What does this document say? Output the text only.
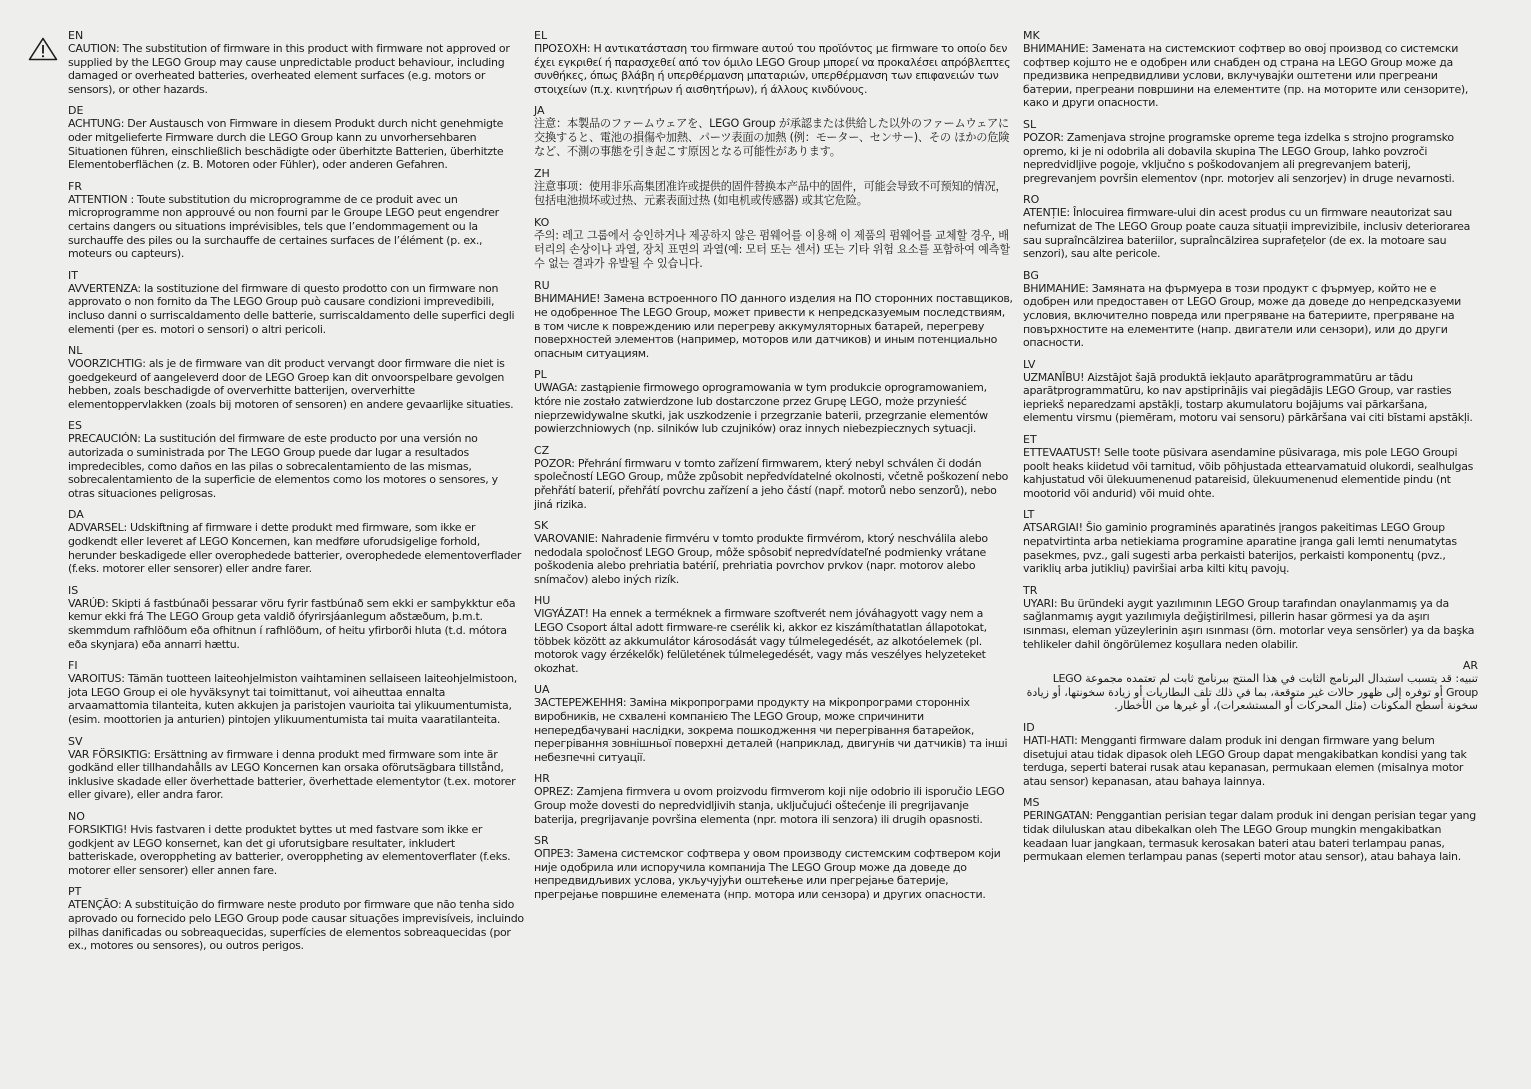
EN
CAUTION: The substitution of firmware in this product with firmware not approved or supplied by the LEGO Group may cause unpredictable product behaviour, including damaged or overheated batteries, overheated element surfaces (e.g. motors or sensors), or other hazards.
DE
ACHTUNG: Der Austausch von Firmware in diesem Produkt durch nicht genehmigte oder mitgelieferte Firmware durch die LEGO Group kann zu unvorhersehbaren Situationen führen, einschließlich beschädigte oder überhitzte Batterien, überhitzte Elementoberflächen (z. B. Motoren oder Fühler), oder anderen Gefahren.
FR
ATTENTION : Toute substitution du microprogramme de ce produit avec un microprogramme non approuvé ou non fourni par le Groupe LEGO peut engendrer certains dangers ou situations imprévisibles, tels que l’endommagement ou la surchauffe des piles ou la surchauffe de certaines surfaces de l’élément (p. ex., moteurs ou capteurs).
IT
AVVERTENZA: la sostituzione del firmware di questo prodotto con un firmware non approvato o non fornito da The LEGO Group può causare condizioni imprevedibili, incluso danni o surriscaldamento delle batterie, surriscaldamento delle superfici degli elementi (per es. motori o sensori) o altri pericoli.
NL
VOORZICHTIG: als je de firmware van dit product vervangt door firmware die niet is goedgekeurd of aangeleverd door de LEGO Groep kan dit onvoorspelbare gevolgen hebben, zoals beschadigde of oververhitte batterijen, oververhitte elementoppervlakken (zoals bij motoren of sensoren) en andere gevaarlijke situaties.
ES
PRECAUCIÓN: La sustitución del firmware de este producto por una versión no autorizada o suministrada por The LEGO Group puede dar lugar a resultados impredecibles, como daños en las pilas o sobrecalentamiento de las mismas, sobrecalentamiento de la superficie de elementos como los motores o sensores, y otras situaciones peligrosas.
DA
ADVARSEL: Udskiftning af firmware i dette produkt med firmware, som ikke er godkendt eller leveret af LEGO Koncernen, kan medføre uforudsigelige forhold, herunder beskadigede eller overophedede batterier, overophedede elementoverflader (f.eks. motorer eller sensorer) eller andre farer.
IS
VARÚÐ: Skipti á fastbúnaði þessarar vöru fyrir fastbúnað sem ekki er samþykktur eða kemur ekki frá The LEGO Group geta valdið ófyrirsjáanlegum aðstæðum, þ.m.t. skemmdum rafhlöðum eða ofhitnun í rafhlöðum, of heitu yfirborði hluta (t.d. mótora eða skynjara) eða annarri hættu.
FI
VAROITUS: Tämän tuotteen laiteohjelmiston vaihtaminen sellaiseen laiteohjelmistoon, jota LEGO Group ei ole hyväksynyt tai toimittanut, voi aiheuttaa ennalta arvaamattomia tilanteita, kuten akkujen ja paristojen vaurioita tai ylikuumentumista, (esim. moottorien ja anturien) pintojen ylikuumentumista tai muita vaaratilanteita.
SV
VAR FÖRSIKTIG: Ersättning av firmware i denna produkt med firmware som inte är godkänd eller tillhandahålls av LEGO Koncernen kan orsaka oförutsägbara tillstånd, inklusive skadade eller överhettade batterier, överhettade elementytor (t.ex. motorer eller givare), eller andra faror.
NO
FORSIKTIG! Hvis fastvaren i dette produktet byttes ut med fastvare som ikke er godkjent av LEGO konsernet, kan det gi uforutsigbare resultater, inkludert batteriskade, overoppheting av batterier, overoppheting av elementoverflater (f.eks. motorer eller sensorer) eller annen fare.
PT
ATENÇÃO: A substituição do firmware neste produto por firmware que não tenha sido aprovado ou fornecido pelo LEGO Group pode causar situações imprevisíveis, incluindo pilhas danificadas ou sobreaquecidas, superfícies de elementos sobreaquecidas (por ex., motores ou sensores), ou outros perigos.
EL
ΠΡΟΣΟΧΗ: Η αντικατάσταση του firmware αυτού του προϊόντος με firmware το οποίο δεν έχει εγκριθεί ή παρασχεθεί από τον όμιλο LEGO Group μπορεί να προκαλέσει απρόβλεπτες συνθήκες, όπως βλάβη ή υπερθέρμανση μπαταριών, υπερθέρμανση των επιφανειών των στοιχείων (π.χ. κινητήρων ή αισθητήρων), ή άλλους κινδύνους.
JA
注意：本製品のファームウェアを、LEGO Group が承認または供給した以外のファームウェアに交換すると、電池の損傷や加熱、パーツ表面の加熱 (例：モーター、センサー)、その ほかの危険など、不測の事態を引き起こす原因となる可能性があります。
ZH
注意事项：使用非乐高集团准许或提供的固件替换本产品中的固件，可能会导致不可预知的情况，包括电池损坏或过热、元素表面过热 (如电机或传感器) 或其它危险。
KO
주의: 레고 그룹에서 승인하거나 제공하지 않은 펌웨어를 이용해 이 제품의 펌웨어를 교체할 경우, 배터리의 손상이나 과열, 장치 표면의 과열(예: 모터 또는 센서) 또는 기타 위험 요소를 포함하여 예측할 수 없는 결과가 유발될 수 있습니다.
RU
ВНИМАНИЕ! Замена встроенного ПО данного изделия на ПО сторонних поставщиков, не одобренное The LEGO Group, может привести к непредсказуемым последствиям, в том числе к повреждению или перегреву аккумуляторных батарей, перегреву поверхностей элементов (например, моторов или датчиков) и иным потенциально опасным ситуациям.
PL
UWAGA: zastąpienie firmowego oprogramowania w tym produkcie oprogramowaniem, które nie zostało zatwierdzone lub dostarczone przez Grupę LEGO, może przynieść nieprzewidywalne skutki, jak uszkodzenie i przegrzanie baterii, przegrzanie elementów powierzchniowych (np. silników lub czujników) oraz innych niebezpiecznych sytuacji.
CZ
POZOR: Přehrání firmwaru v tomto zařízení firmwarem, který nebyl schválen či dodán společností LEGO Group, může způsobit nepředvídatelné okolnosti, včetně poškození nebo přehřátí baterií, přehřátí povrchu zařízení a jeho částí (např. motorů nebo senzorů), nebo jiná rizika.
SK
VAROVANIE: Nahradenie firmvéru v tomto produkte firmvérom, ktorý neschválila alebo nedodala spoločnosť LEGO Group, môže spôsobiť nepredvídateľné podmienky vrátane poškodenia alebo prehriatia batérií, prehriatia povrchov prvkov (napr. motorov alebo snímačov) alebo iných rizík.
HU
VIGYÁZAT! Ha ennek a terméknek a firmware szoftverét nem jóváhagyott vagy nem a LEGO Csoport által adott firmware-re cserélik ki, akkor ez kiszámíthatatlan állapotokat, többek között az akkumulátor károsodását vagy túlmelegedését, az alkotóelemek (pl. motorok vagy érzékelők) felületének túlmelegedését, vagy más veszélyes helyzeteket okozhat.
UA
ЗАСТЕРЕЖЕННЯ: Заміна мікропрограми продукту на мікропрограми сторонніх виробників, не схвалені компанією The LEGO Group, може спричинити непередбачувані наслідки, зокрема пошкодження чи перегрівання батарейок, перегрівання зовнішньої поверхні деталей (наприклад, двигунів чи датчиків) та інші небезпечні ситуації.
HR
OPREZ: Zamjena firmvera u ovom proizvodu firmverom koji nije odobrio ili isporučio LEGO Group može dovesti do nepredvidljivih stanja, uključujući oštećenje ili pregrijavanje baterija, pregrijavanje površina elementa (npr. motora ili senzora) ili drugih opasnosti.
SR
ОПРЕЗ: Замена системског софтвера у овом производу системским софтвером који није одобрила или испоручила компанија The LEGO Group може да доведе до непредвидљивих услова, укључујући оштећење или прегрејање батерије, прегрејање површине елемената (нпр. мотора или сензора) и других опасности.
MK
ВНИМАНИЕ: Замената на системскиот софтвер во овој производ со системски софтвер којшто не е одобрен или снабден од страна на LEGO Group може да предизвика непредвидливи услови, вклучувајќи оштетени или прегреани батерии, прегреани површини на елементите (пр. на моторите или сензорите), како и други опасности.
SL
POZOR: Zamenjava strojne programske opreme tega izdelka s strojno programsko opremo, ki je ni odobrila ali dobavila skupina The LEGO Group, lahko povzroči nepredvidljive pogoje, vključno s poškodovanjem ali pregrevanjem baterij, pregrevanjem površin elementov (npr. motorjev ali senzorjev) in druge nevarnosti.
RO
ATENȚIE: Înlocuirea firmware-ului din acest produs cu un firmware neautorizat sau nefurnizat de The LEGO Group poate cauza situații imprevizibile, inclusiv deteriorarea sau supraîncălzirea bateriilor, supraîncălzirea suprafețelor (de ex. la motoare sau senzori), sau alte pericole.
BG
ВНИМАНИЕ: Замяната на фърмуера в този продукт с фърмуер, който не е одобрен или предоставен от LEGO Group, може да доведе до непредсказуеми условия, включително повреда или прегряване на батериите, прегряване на повърхностите на елементите (напр. двигатели или сензори), или до други опасности.
LV
UZMANĪBU! Aizstājot šajā produktā iekļauto aparātprogrammatūru ar tādu aparātprogrammatūru, ko nav apstiprinājis vai piegādājis LEGO Group, var rasties iepriekš neparedzami apstākļi, tostarp akumulatoru bojājums vai pārkaršana, elementu virsmu (piemēram, motoru vai sensoru) pārkāršana vai citi bīstami apstākļi.
ET
ETTEVAATUST! Selle toote püsivara asendamine püsivaraga, mis pole LEGO Groupi poolt heaks kiidetud või tarnitud, võib põhjustada ettearvamatuid olukordi, sealhulgas kahjustatud või ülekuumenenud patareisid, ülekuumenenud elementide pindu (nt mootorid või andurid) või muid ohte.
LT
ATSARGIAI! Šio gaminio programinės aparatinės įrangos pakeitimas LEGO Group nepatvirtinta arba netiekiama programine aparatine įranga gali lemti nenumatytas pasekmes, pvz., gali sugesti arba perkaisti baterijos, perkaisti komponentų (pvz., variklių arba jutiklių) paviršiai arba kilti kitų pavojų.
TR
UYARI: Bu üründeki aygıt yazılımının LEGO Group tarafından onaylanmamış ya da sağlanmamış aygıt yazılımıyla değiştirilmesi, pillerin hasar görmesi ya da aşırı ısınması, eleman yüzeylerinin aşırı ısınması (örn. motorlar veya sensörler) ya da başka tehlikeler dahil öngörülemez koşullara neden olabilir.
AR
تنبيه: قد يتسبب استبدال البرنامج الثابت في هذا المنتج ببرنامج ثابت لم تعتمده مجموعة LEGO Group أو توفره إلى ظهور حالات غير متوقعة، بما في ذلك تلف البطاريات أو زيادة سخونتها، أو زيادة سخونة أسطح المكونات (مثل المحركات أو المستشعرات)، أو غيرها من الأخطار.
ID
HATI-HATI: Mengganti firmware dalam produk ini dengan firmware yang belum disetujui atau tidak dipasok oleh LEGO Group dapat mengakibatkan kondisi yang tak terduga, seperti baterai rusak atau kepanasan, permukaan elemen (misalnya motor atau sensor) kepanasan, atau bahaya lainnya.
MS
PERINGATAN: Penggantian perisian tegar dalam produk ini dengan perisian tegar yang tidak diluluskan atau dibekalkan oleh The LEGO Group mungkin mengakibatkan keadaan luar jangkaan, termasuk kerosakan bateri atau bateri terlampau panas, permukaan elemen terlampau panas (seperti motor atau sensor), atau bahaya lain.
